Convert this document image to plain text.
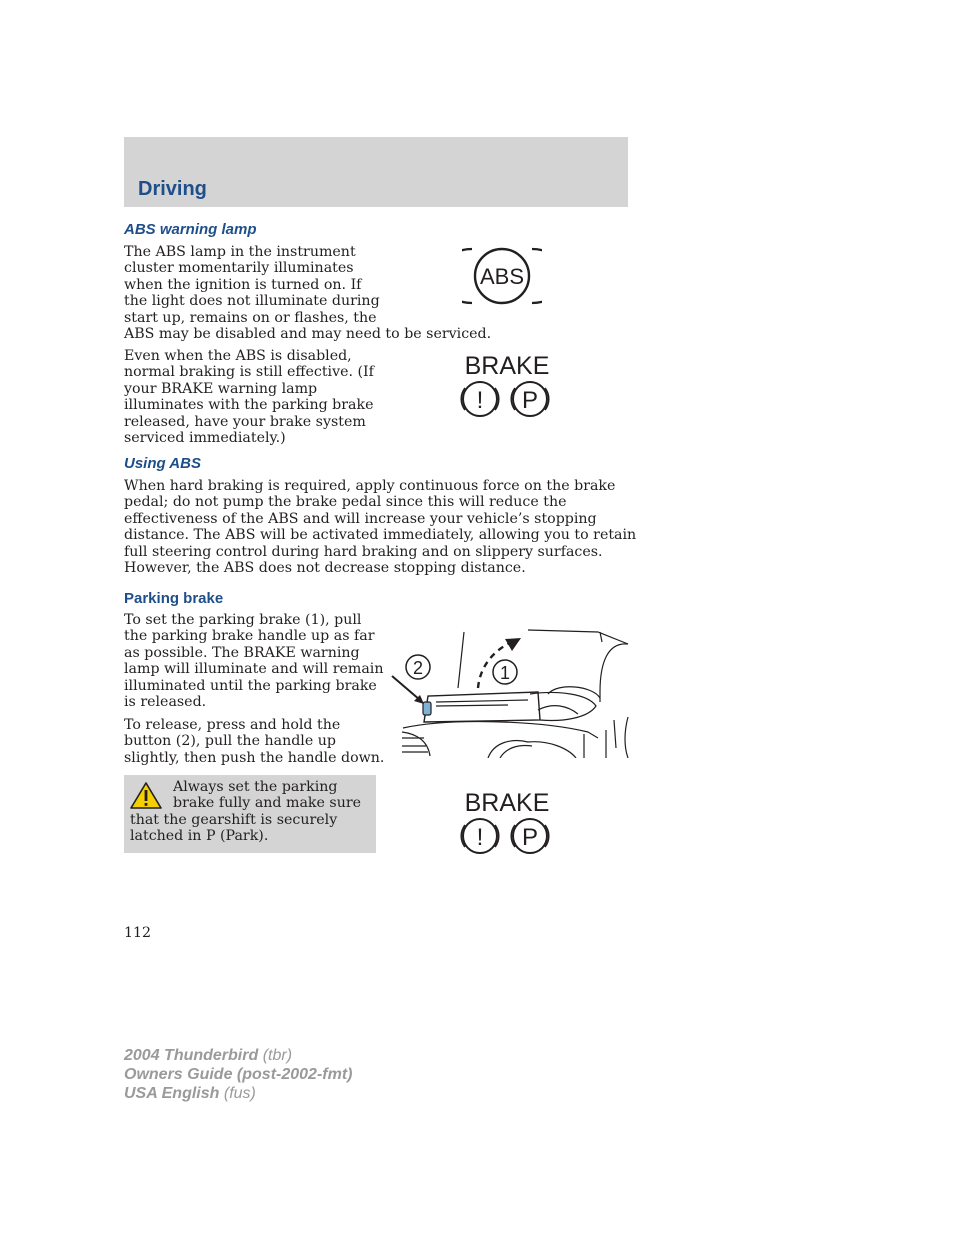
Driving
ABS warning lamp

The ABS lamp in the instrument
cluster momentarily illuminates
when the ignition is turned on. If
the light does not illuminate during
start up, remains on or flashes, the
ABS may be disabled and may need to be serviced.

ABS

Even when the ABS is disabled,
normal braking is still effective. (If
your BRAKE warning lamp
illuminates with the parking brake
released, have your brake system
serviced immediately.)

BRAKE
! P
Using ABS

When hard braking is required, apply continuous force on the brake
pedal; do not pump the brake pedal since this will reduce the
effectiveness of the ABS and will increase your vehicle’s stopping
distance. The ABS will be activated immediately, allowing you to retain
full steering control during hard braking and on slippery surfaces.
However, the ABS does not decrease stopping distance.

Parking brake

To set the parking brake (1), pull
the parking brake handle up as far
as possible. The BRAKE warning
lamp will illuminate and will remain
illuminated until the parking brake
is released.

To release, press and hold the
button (2), pull the handle up
slightly, then push the handle down.

2	1
Always set the parking
brake fully and make sure
that the gearshift is securely
latched in P (Park).
BRAKE
! P

112

2004 Thunderbird (tbr)
Owners Guide (post-2002-fmt)
USA English (fus)
